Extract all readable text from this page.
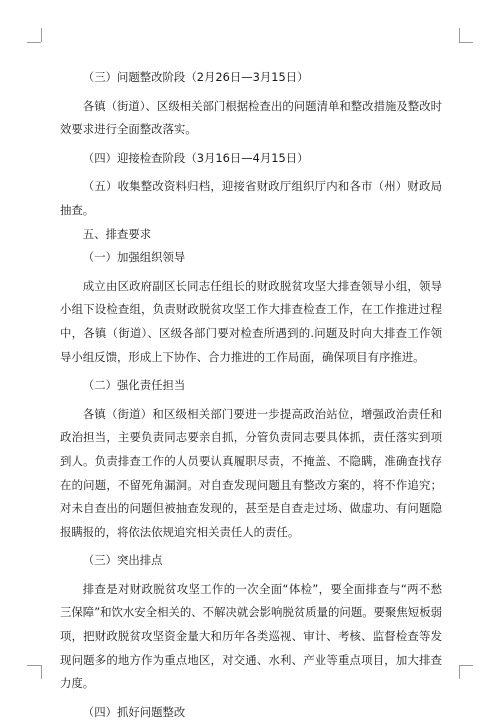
（三）问题整改阶段（2月26日—3月15日）

各镇（街道）、区级相关部门根据检查出的问题清单和整改措施及整改时效要求进行全面整改落实。

（四）迎接检查阶段（3月16日—4月15日）

（五）收集整改资料归档，迎接省财政厅组织厅内和各市（州）财政局抽查。

五、排查要求

（一）加强组织领导

成立由区政府副区长同志任组长的财政脱贫攻坚大排查领导小组，领导小组下设检查组，负责财政脱贫攻坚工作大排查检查工作，在工作推进过程中，各镇（街道）、区级各部门要对检查所遇到的.问题及时向大排查工作领导小组反馈，形成上下协作、合力推进的工作局面，确保项目有序推进。

（二）强化责任担当

各镇（街道）和区级相关部门要进一步提高政治站位，增强政治责任和政治担当，主要负责同志要亲自抓，分管负责同志要具体抓，责任落实到项到人。负责排查工作的人员要认真履职尽责，不掩盖、不隐瞒，准确查找存在的问题，不留死角漏洞。对自查发现问题且有整改方案的，将不作追究；对未自查出的问题但被抽查发现的，甚至是自查走过场、做虚功、有问题隐报瞒报的，将依法依规追究相关责任人的责任。

（三）突出排点

排查是对财政脱贫攻坚工作的一次全面“体检”，要全面排查与“两不愁三保障”和饮水安全相关的、不解决就会影响脱贫质量的问题。要聚焦短板弱项，把财政脱贫攻坚资金量大和历年各类巡视、审计、考核、监督检查等发现问题多的地方作为重点地区，对交通、水利、产业等重点项目，加大排查力度。

（四）抓好问题整改
